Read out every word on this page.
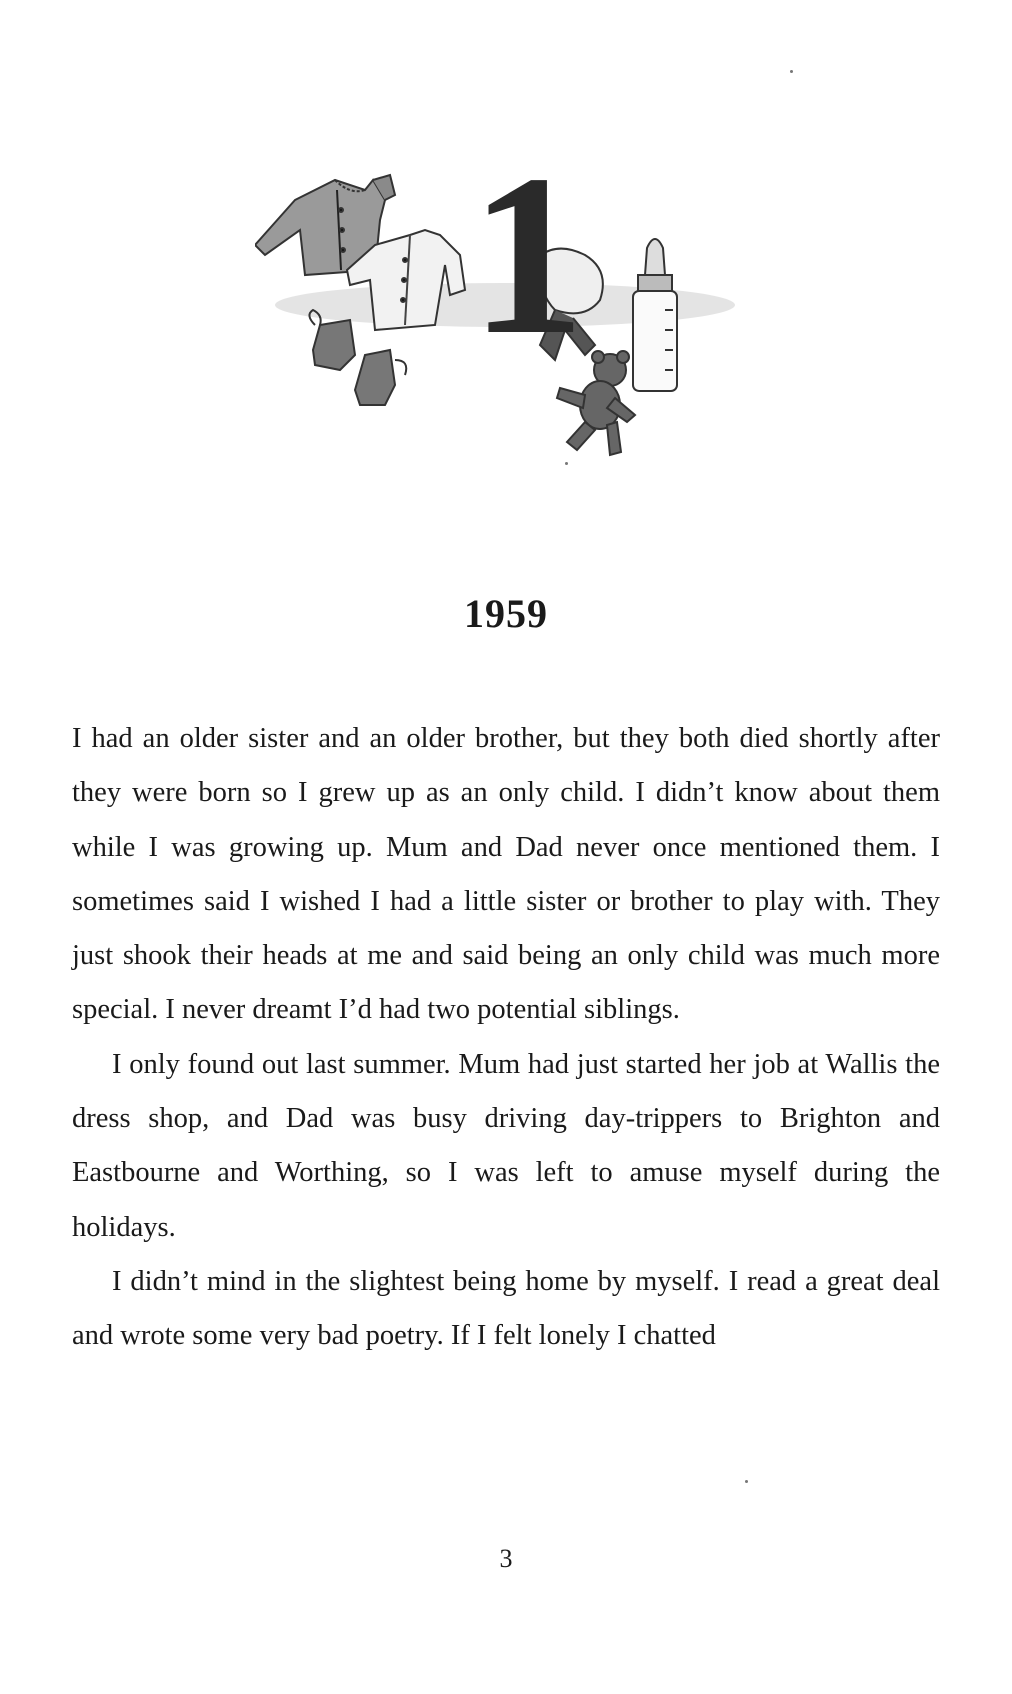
1
1959

I had an older sister and an older brother, but they both died shortly after they were born so I grew up as an only child. I didn’t know about them while I was growing up. Mum and Dad never once mentioned them. I sometimes said I wished I had a little sister or brother to play with. They just shook their heads at me and said being an only child was much more special. I never dreamt I’d had two potential siblings.

I only found out last summer. Mum had just started her job at Wallis the dress shop, and Dad was busy driving day-trippers to Brighton and Eastbourne and Worthing, so I was left to amuse myself during the holidays.

I didn’t mind in the slightest being home by myself. I read a great deal and wrote some very bad poetry. If I felt lonely I chatted

3
